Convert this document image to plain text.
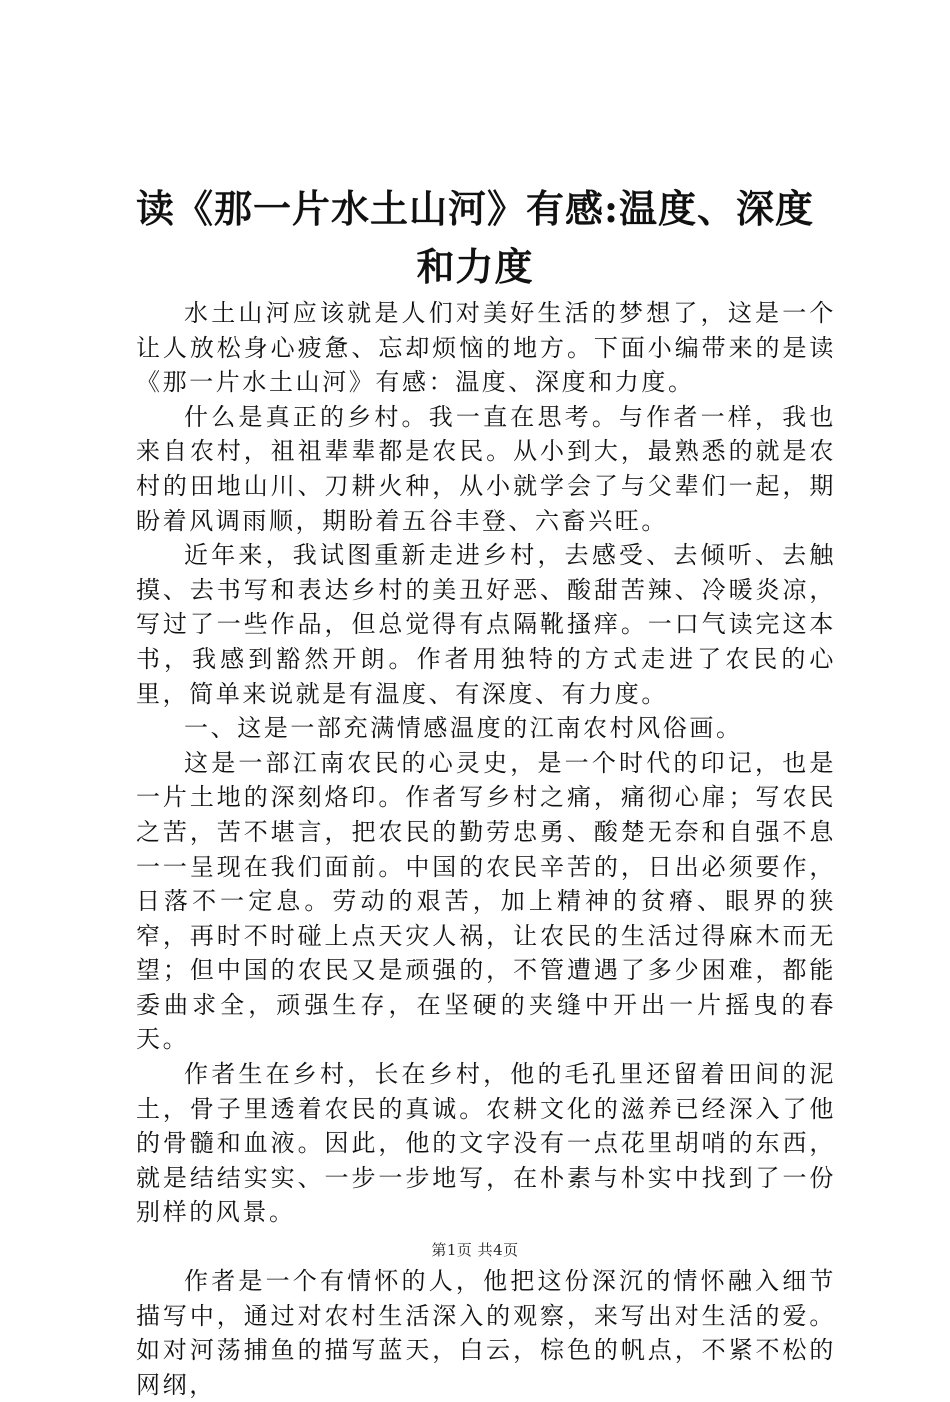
读《那一片水土山河》有感:温度、深度和力度

水土山河应该就是人们对美好生活的梦想了，这是一个让人放松身心疲惫、忘却烦恼的地方。下面小编带来的是读《那一片水土山河》有感：温度、深度和力度。

什么是真正的乡村。我一直在思考。与作者一样，我也来自农村，祖祖辈辈都是农民。从小到大，最熟悉的就是农村的田地山川、刀耕火种，从小就学会了与父辈们一起，期盼着风调雨顺，期盼着五谷丰登、六畜兴旺。

近年来，我试图重新走进乡村，去感受、去倾听、去触摸、去书写和表达乡村的美丑好恶、酸甜苦辣、冷暖炎凉，写过了一些作品，但总觉得有点隔靴搔痒。一口气读完这本书，我感到豁然开朗。作者用独特的方式走进了农民的心里，简单来说就是有温度、有深度、有力度。

一、这是一部充满情感温度的江南农村风俗画。

这是一部江南农民的心灵史，是一个时代的印记，也是一片土地的深刻烙印。作者写乡村之痛，痛彻心扉；写农民之苦，苦不堪言，把农民的勤劳忠勇、酸楚无奈和自强不息一一呈现在我们面前。中国的农民辛苦的，日出必须要作，日落不一定息。劳动的艰苦，加上精神的贫瘠、眼界的狭窄，再时不时碰上点天灾人祸，让农民的生活过得麻木而无望；但中国的农民又是顽强的，不管遭遇了多少困难，都能委曲求全，顽强生存，在坚硬的夹缝中开出一片摇曳的春天。

作者生在乡村，长在乡村，他的毛孔里还留着田间的泥土，骨子里透着农民的真诚。农耕文化的滋养已经深入了他的骨髓和血液。因此，他的文字没有一点花里胡哨的东西，就是结结实实、一步一步地写，在朴素与朴实中找到了一份别样的风景。

作者是一个有情怀的人，他把这份深沉的情怀融入细节描写中，通过对农村生活深入的观察，来写出对生活的爱。如对河荡捕鱼的描写蓝天，白云，棕色的帆点，不紧不松的网纲，

第1页 共4页
